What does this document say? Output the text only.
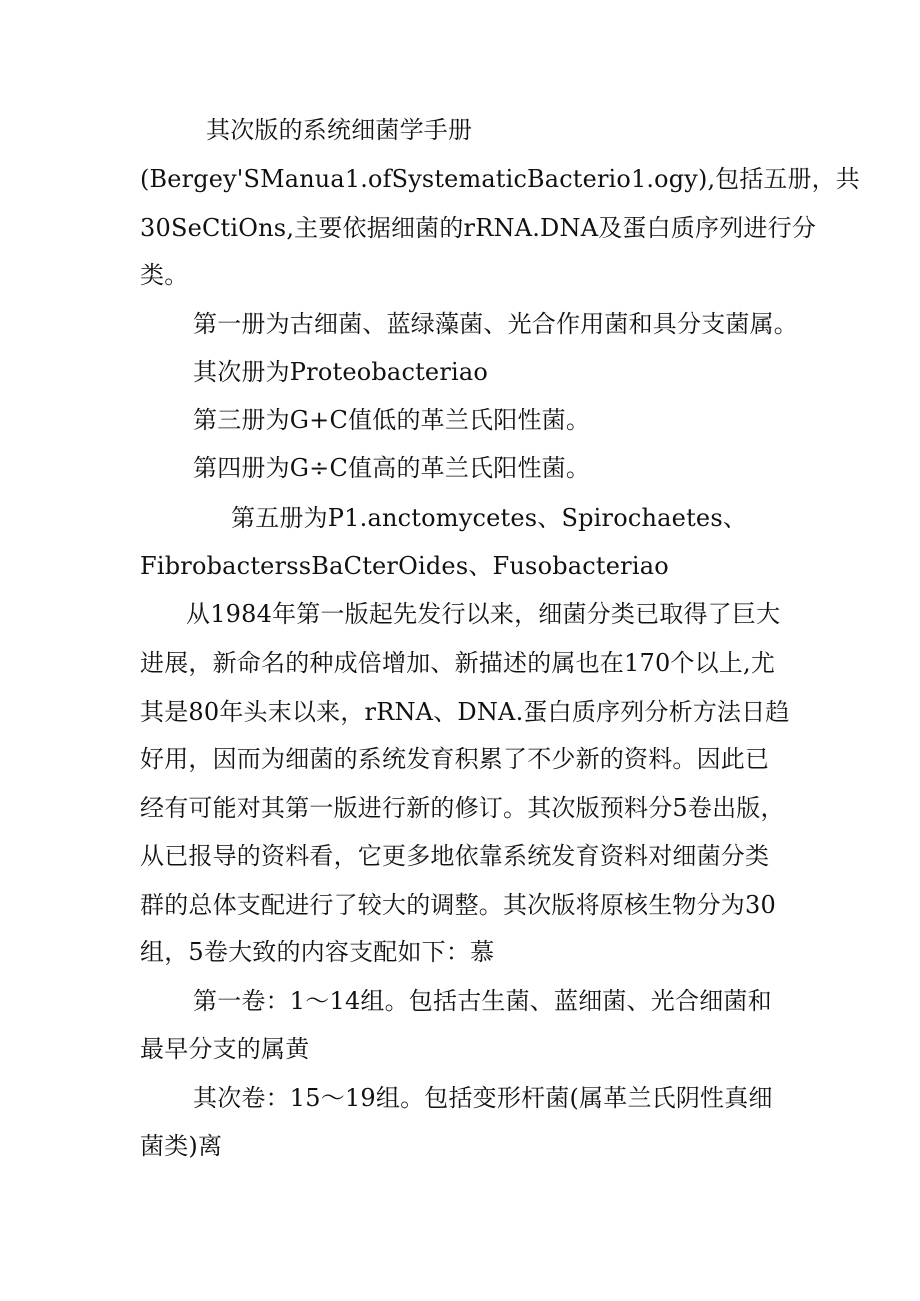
其次版的系统细菌学手册
(Bergey'SManua1.ofSystematicBacterio1.ogy),包括五册，共
30SeCtiOns,主要依据细菌的rRNA.DNA及蛋白质序列进行分
类。
第一册为古细菌、蓝绿藻菌、光合作用菌和具分支菌属。
其次册为Proteobacteriao
第三册为G+C值低的革兰氏阳性菌。
第四册为G÷C值高的革兰氏阳性菌。
第五册为P1.anctomycetes、Spirochaetes、
FibrobacterssBaCterOides、Fusobacteriao
从1984年第一版起先发行以来，细菌分类已取得了巨大
进展，新命名的种成倍增加、新描述的属也在170个以上,尤
其是80年头末以来，rRNA、DNA.蛋白质序列分析方法日趋
好用，因而为细菌的系统发育积累了不少新的资料。因此已
经有可能对其第一版进行新的修订。其次版预料分5卷出版，
从已报导的资料看，它更多地依靠系统发育资料对细菌分类
群的总体支配进行了较大的调整。其次版将原核生物分为30
组，5卷大致的内容支配如下：慕
第一卷：1～14组。包括古生菌、蓝细菌、光合细菌和
最早分支的属黄
其次卷：15～19组。包括变形杆菌(属革兰氏阴性真细
菌类)离
